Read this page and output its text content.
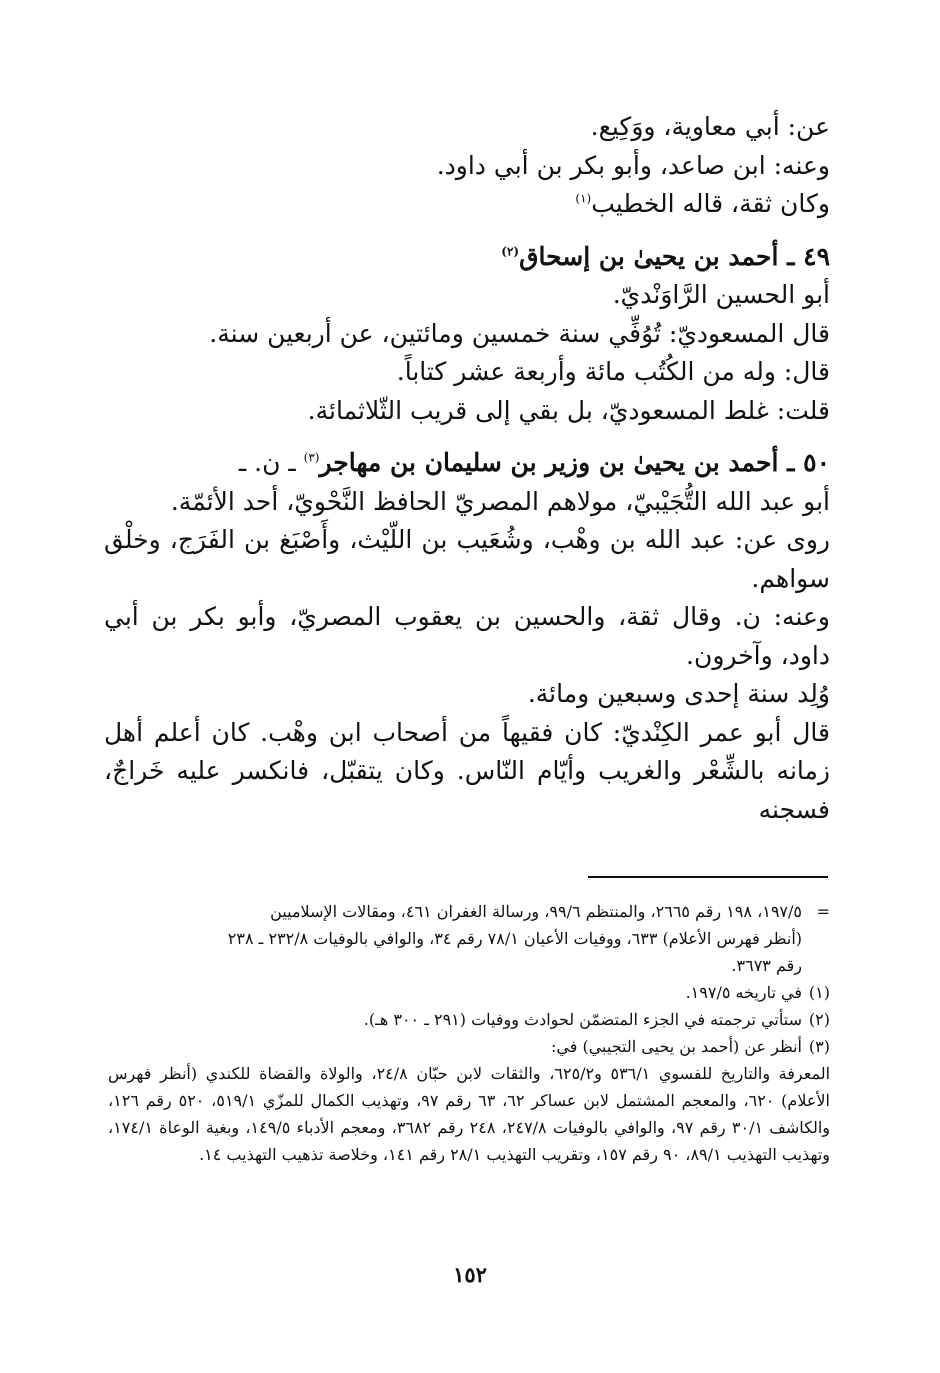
عن: أبي معاوية، ووَكِيع.

وعنه: ابن صاعد، وأبو بكر بن أبي داود.

وكان ثقة، قاله الخطيب$^{(١)}$

٤٩ ـ أحمد بن يحيىٰ بن إسحاق$^{(٢)}$

أبو الحسين الرَّاوَنْديّ.

قال المسعوديّ: تُوُفِّي سنة خمسين ومائتين، عن أربعين سنة.

قال: وله من الكُتُب مائة وأربعة عشر كتاباً.

قلت: غلط المسعوديّ، بل بقي إلى قريب الثّلاثمائة.

٥٠ ـ أحمد بن يحيىٰ بن وزير بن سليمان بن مهاجر$^{(٣)}$ ـ ن. ـ

أبو عبد الله التُّجَيْبيّ، مولاهم المصريّ الحافظ النَّحْويّ، أحد الأئمّة.

روى عن: عبد الله بن وهْب، وشُعَيب بن اللّيْث، وأَصْبَغ بن الفَرَج، وخلْق سواهم.

وعنه: ن. وقال ثقة، والحسين بن يعقوب المصريّ، وأبو بكر بن أبي داود، وآخرون.

وُلِد سنة إحدى وسبعين ومائة.

قال أبو عمر الكِنْديّ: كان فقيهاً من أصحاب ابن وهْب. كان أعلم أهل زمانه بالشِّعْر والغريب وأيّام النّاس. وكان يتقبّل، فانكسر عليه خَراجٌ، فسجنه

=١٩٧/٥، ١٩٨ رقم ٢٦٦٥، والمنتظم ٩٩/٦، ورسالة الغفران ٤٦١، ومقالات الإسلاميين

(أنظر فهرس الأعلام) ٦٣٣، ووفيات الأعيان ٧٨/١ رقم ٣٤، والوافي بالوفيات ٢٣٢/٨ ـ ٢٣٨

رقم ٣٦٧٣.

(١)في تاريخه ١٩٧/٥.

(٢)ستأتي ترجمته في الجزء المتضمّن لحوادث ووفيات (٢٩١ ـ ٣٠٠ هـ).

(٣)أنظر عن (أحمد بن يحيى التجيبي) في:

المعرفة والتاريخ للفسوي ٥٣٦/١ و٦٢٥/٢، والثقات لابن حبّان ٢٤/٨، والولاة والقضاة للكندي (أنظر فهرس الأعلام) ٦٢٠، والمعجم المشتمل لابن عساكر ٦٢، ٦٣ رقم ٩٧، وتهذيب الكمال للمزّي ٥١٩/١، ٥٢٠ رقم ١٢٦، والكاشف ٣٠/١ رقم ٩٧، والوافي بالوفيات ٢٤٧/٨، ٢٤٨ رقم ٣٦٨٢، ومعجم الأدباء ١٤٩/٥، وبغية الوعاة ١٧٤/١، وتهذيب التهذيب ٨٩/١، ٩٠ رقم ١٥٧، وتقريب التهذيب ٢٨/١ رقم ١٤١، وخلاصة تذهيب التهذيب ١٤.

١٥٢
